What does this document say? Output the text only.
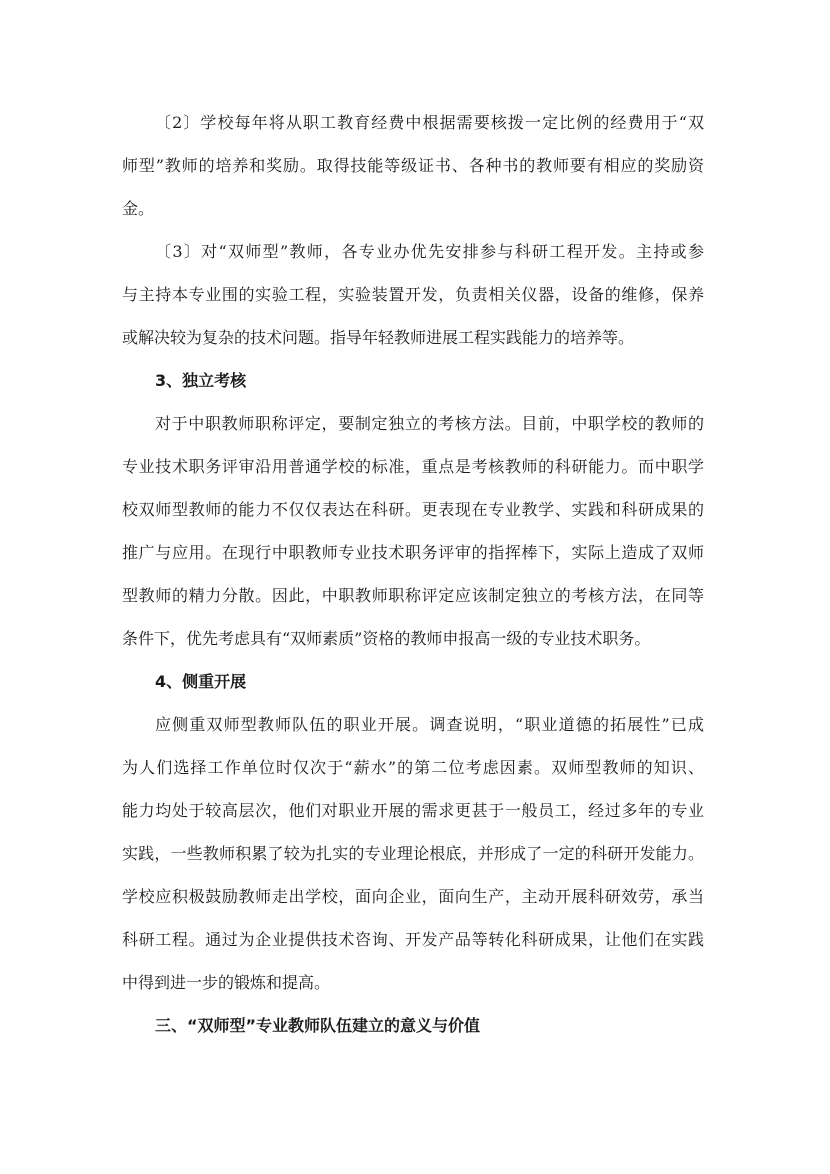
〔2〕学校每年将从职工教育经费中根据需要核拨一定比例的经费用于“双
师型”教师的培养和奖励。取得技能等级证书、各种书的教师要有相应的奖励资
金。
〔3〕对“双师型”教师，各专业办优先安排参与科研工程开发。主持或参
与主持本专业围的实验工程，实验装置开发，负责相关仪器，设备的维修，保养
或解决较为复杂的技术问题。指导年轻教师进展工程实践能力的培养等。
3、独立考核
对于中职教师职称评定，要制定独立的考核方法。目前，中职学校的教师的
专业技术职务评审沿用普通学校的标准，重点是考核教师的科研能力。而中职学
校双师型教师的能力不仅仅表达在科研。更表现在专业教学、实践和科研成果的
推广与应用。在现行中职教师专业技术职务评审的指挥棒下，实际上造成了双师
型教师的精力分散。因此，中职教师职称评定应该制定独立的考核方法，在同等
条件下，优先考虑具有“双师素质”资格的教师申报高一级的专业技术职务。
4、侧重开展
应侧重双师型教师队伍的职业开展。调查说明，“职业道德的拓展性”已成
为人们选择工作单位时仅次于“薪水”的第二位考虑因素。双师型教师的知识、
能力均处于较高层次，他们对职业开展的需求更甚于一般员工，经过多年的专业
实践，一些教师积累了较为扎实的专业理论根底，并形成了一定的科研开发能力。
学校应积极鼓励教师走出学校，面向企业，面向生产，主动开展科研效劳，承当
科研工程。通过为企业提供技术咨询、开发产品等转化科研成果，让他们在实践
中得到进一步的锻炼和提高。
三、“双师型”专业教师队伍建立的意义与价值
